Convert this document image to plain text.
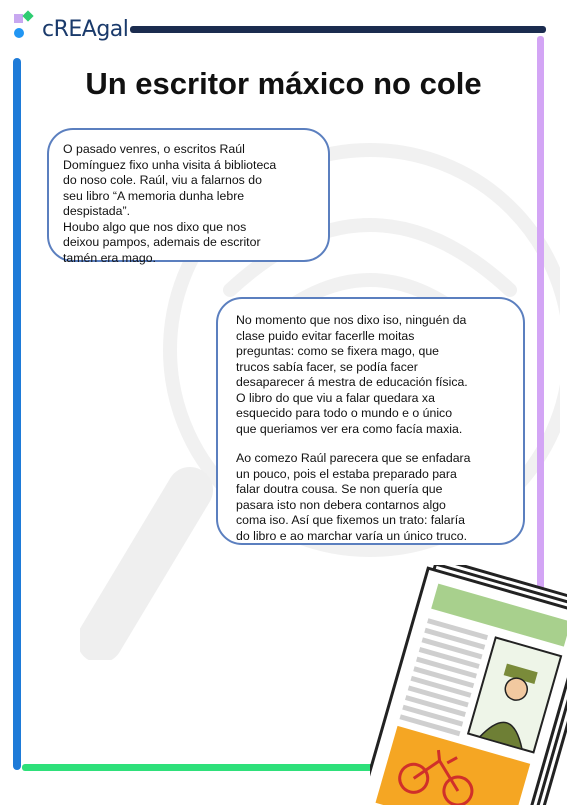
cREAgal
Un escritor máxico no cole

O pasado venres, o escritos Raúl
Domínguez fixo unha visita á biblioteca
do noso cole. Raúl, viu a falarnos do
seu libro “A memoria dunha lebre
despistada”.
Houbo algo que nos dixo que nos
deixou pampos, ademais de escritor
tamén era mago.

No momento que nos dixo iso, ninguén da
clase puido evitar facerlle moitas
preguntas: como se fixera mago, que
trucos sabía facer, se podía facer
desaparecer á mestra de educación física.
O libro do que viu a falar quedara xa
esquecido para todo o mundo e o único
que queriamos ver era como facía maxia.

Ao comezo Raúl parecera que se enfadara
un pouco, pois el estaba preparado para
falar doutra cousa. Se non quería que
pasara isto non debera contarnos algo
coma iso. Así que fixemos un trato: falaría
do libro e ao marchar varía un único truco.
